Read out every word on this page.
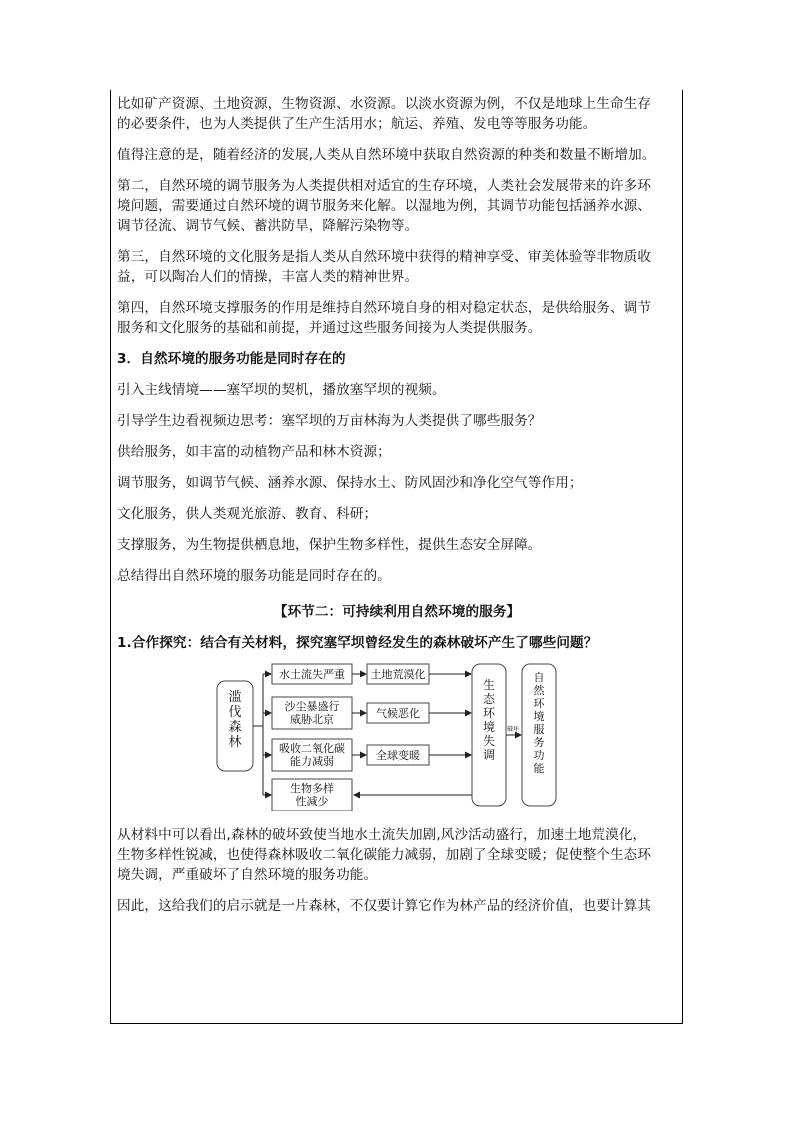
比如矿产资源、土地资源，生物资源、水资源。以淡水资源为例，不仅是地球上生命生存

的必要条件，也为人类提供了生产生活用水；航运、养殖、发电等等服务功能。

值得注意的是，随着经济的发展,人类从自然环境中获取自然资源的种类和数量不断增加。

第二，自然环境的调节服务为人类提供相对适宜的生存环境，人类社会发展带来的许多环

境问题，需要通过自然环境的调节服务来化解。以湿地为例，其调节功能包括涵养水源、

调节径流、调节气候、蓄洪防旱，降解污染物等。

第三，自然环境的文化服务是指人类从自然环境中获得的精神享受、审美体验等非物质收

益，可以陶冶人们的情操，丰富人类的精神世界。

第四，自然环境支撑服务的作用是维持自然环境自身的相对稳定状态，是供给服务、调节

服务和文化服务的基础和前提，并通过这些服务间接为人类提供服务。

3．自然环境的服务功能是同时存在的

引入主线情境——塞罕坝的契机，播放塞罕坝的视频。

引导学生边看视频边思考：塞罕坝的万亩林海为人类提供了哪些服务？

供给服务，如丰富的动植物产品和林木资源；

调节服务，如调节气候、涵养水源、保持水土、防风固沙和净化空气等作用；

文化服务，供人类观光旅游、教育、科研；

支撑服务，为生物提供栖息地，保护生物多样性，提供生态安全屏障。

总结得出自然环境的服务功能是同时存在的。

【环节二：可持续利用自然环境的服务】

1.合作探究：结合有关材料，探究塞罕坝曾经发生的森林破坏产生了哪些问题？

滥伐森林
水土流失严重
沙尘暴盛行威胁北京
吸收二氧化碳能力减弱
生物多样性减少
土地荒漠化
气候恶化
全球变暖
生态环境失调
破坏
自然环境服务功能

从材料中可以看出,森林的破坏致使当地水土流失加剧,风沙活动盛行，加速土地荒漠化，

生物多样性锐减，也使得森林吸收二氧化碳能力减弱，加剧了全球变暖；促使整个生态环

境失调，严重破坏了自然环境的服务功能。

因此，这给我们的启示就是一片森林，不仅要计算它作为林产品的经济价值，也要计算其
